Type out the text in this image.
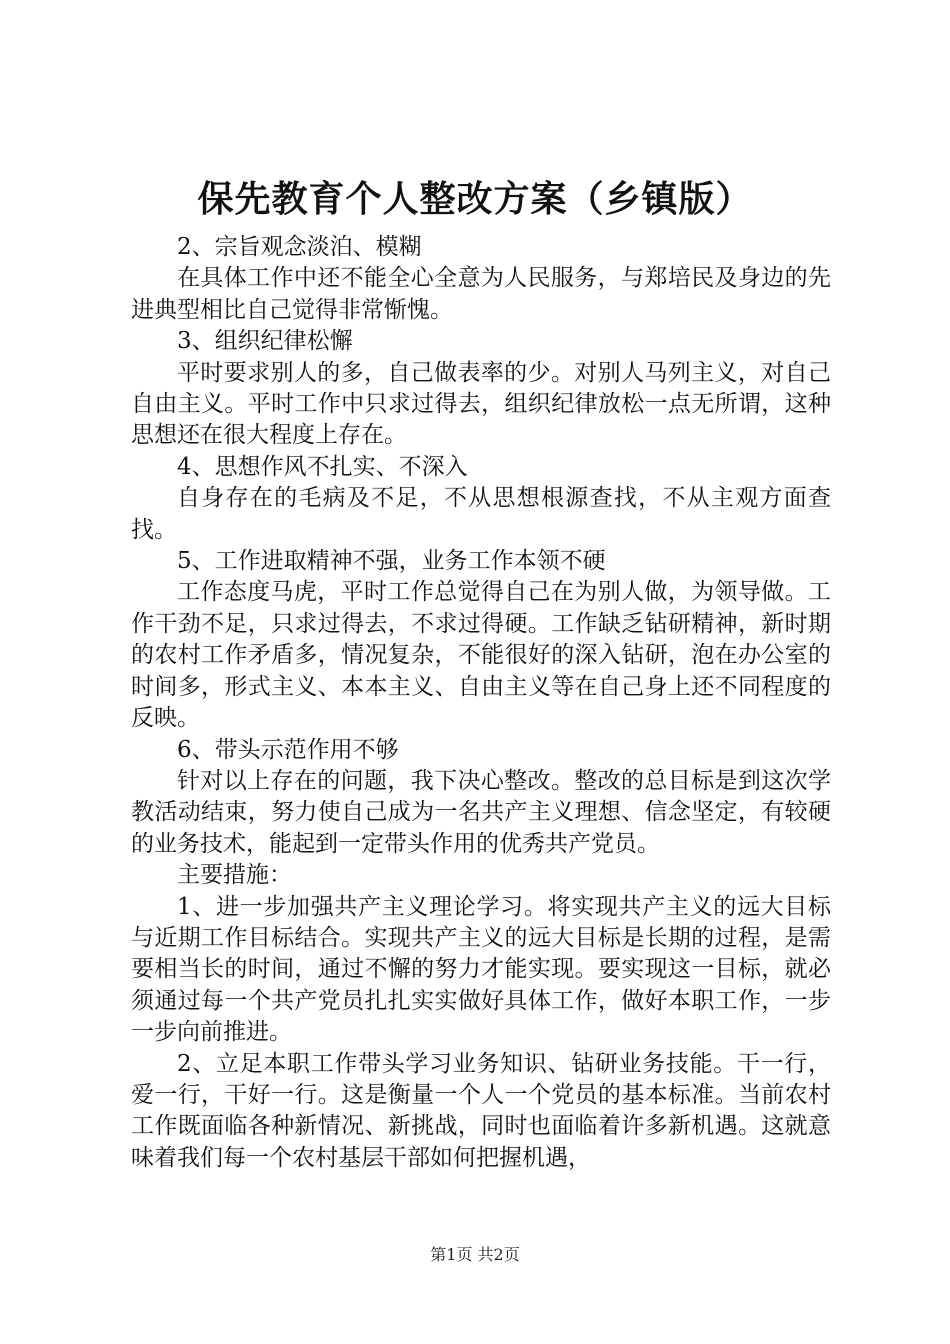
保先教育个人整改方案（乡镇版）

2、宗旨观念淡泊、模糊

在具体工作中还不能全心全意为人民服务，与郑培民及身边的先进典型相比自己觉得非常惭愧。

3、组织纪律松懈

平时要求别人的多，自己做表率的少。对别人马列主义，对自己自由主义。平时工作中只求过得去，组织纪律放松一点无所谓，这种思想还在很大程度上存在。

4、思想作风不扎实、不深入

自身存在的毛病及不足，不从思想根源查找，不从主观方面查找。

5、工作进取精神不强，业务工作本领不硬

工作态度马虎，平时工作总觉得自己在为别人做，为领导做。工作干劲不足，只求过得去，不求过得硬。工作缺乏钻研精神，新时期的农村工作矛盾多，情况复杂，不能很好的深入钻研，泡在办公室的时间多，形式主义、本本主义、自由主义等在自己身上还不同程度的反映。

6、带头示范作用不够

针对以上存在的问题，我下决心整改。整改的总目标是到这次学教活动结束，努力使自己成为一名共产主义理想、信念坚定，有较硬的业务技术，能起到一定带头作用的优秀共产党员。

主要措施：

1、进一步加强共产主义理论学习。将实现共产主义的远大目标与近期工作目标结合。实现共产主义的远大目标是长期的过程，是需要相当长的时间，通过不懈的努力才能实现。要实现这一目标，就必须通过每一个共产党员扎扎实实做好具体工作，做好本职工作，一步一步向前推进。

2、立足本职工作带头学习业务知识、钻研业务技能。干一行，爱一行，干好一行。这是衡量一个人一个党员的基本标准。当前农村工作既面临各种新情况、新挑战，同时也面临着许多新机遇。这就意味着我们每一个农村基层干部如何把握机遇，

第1页 共2页
